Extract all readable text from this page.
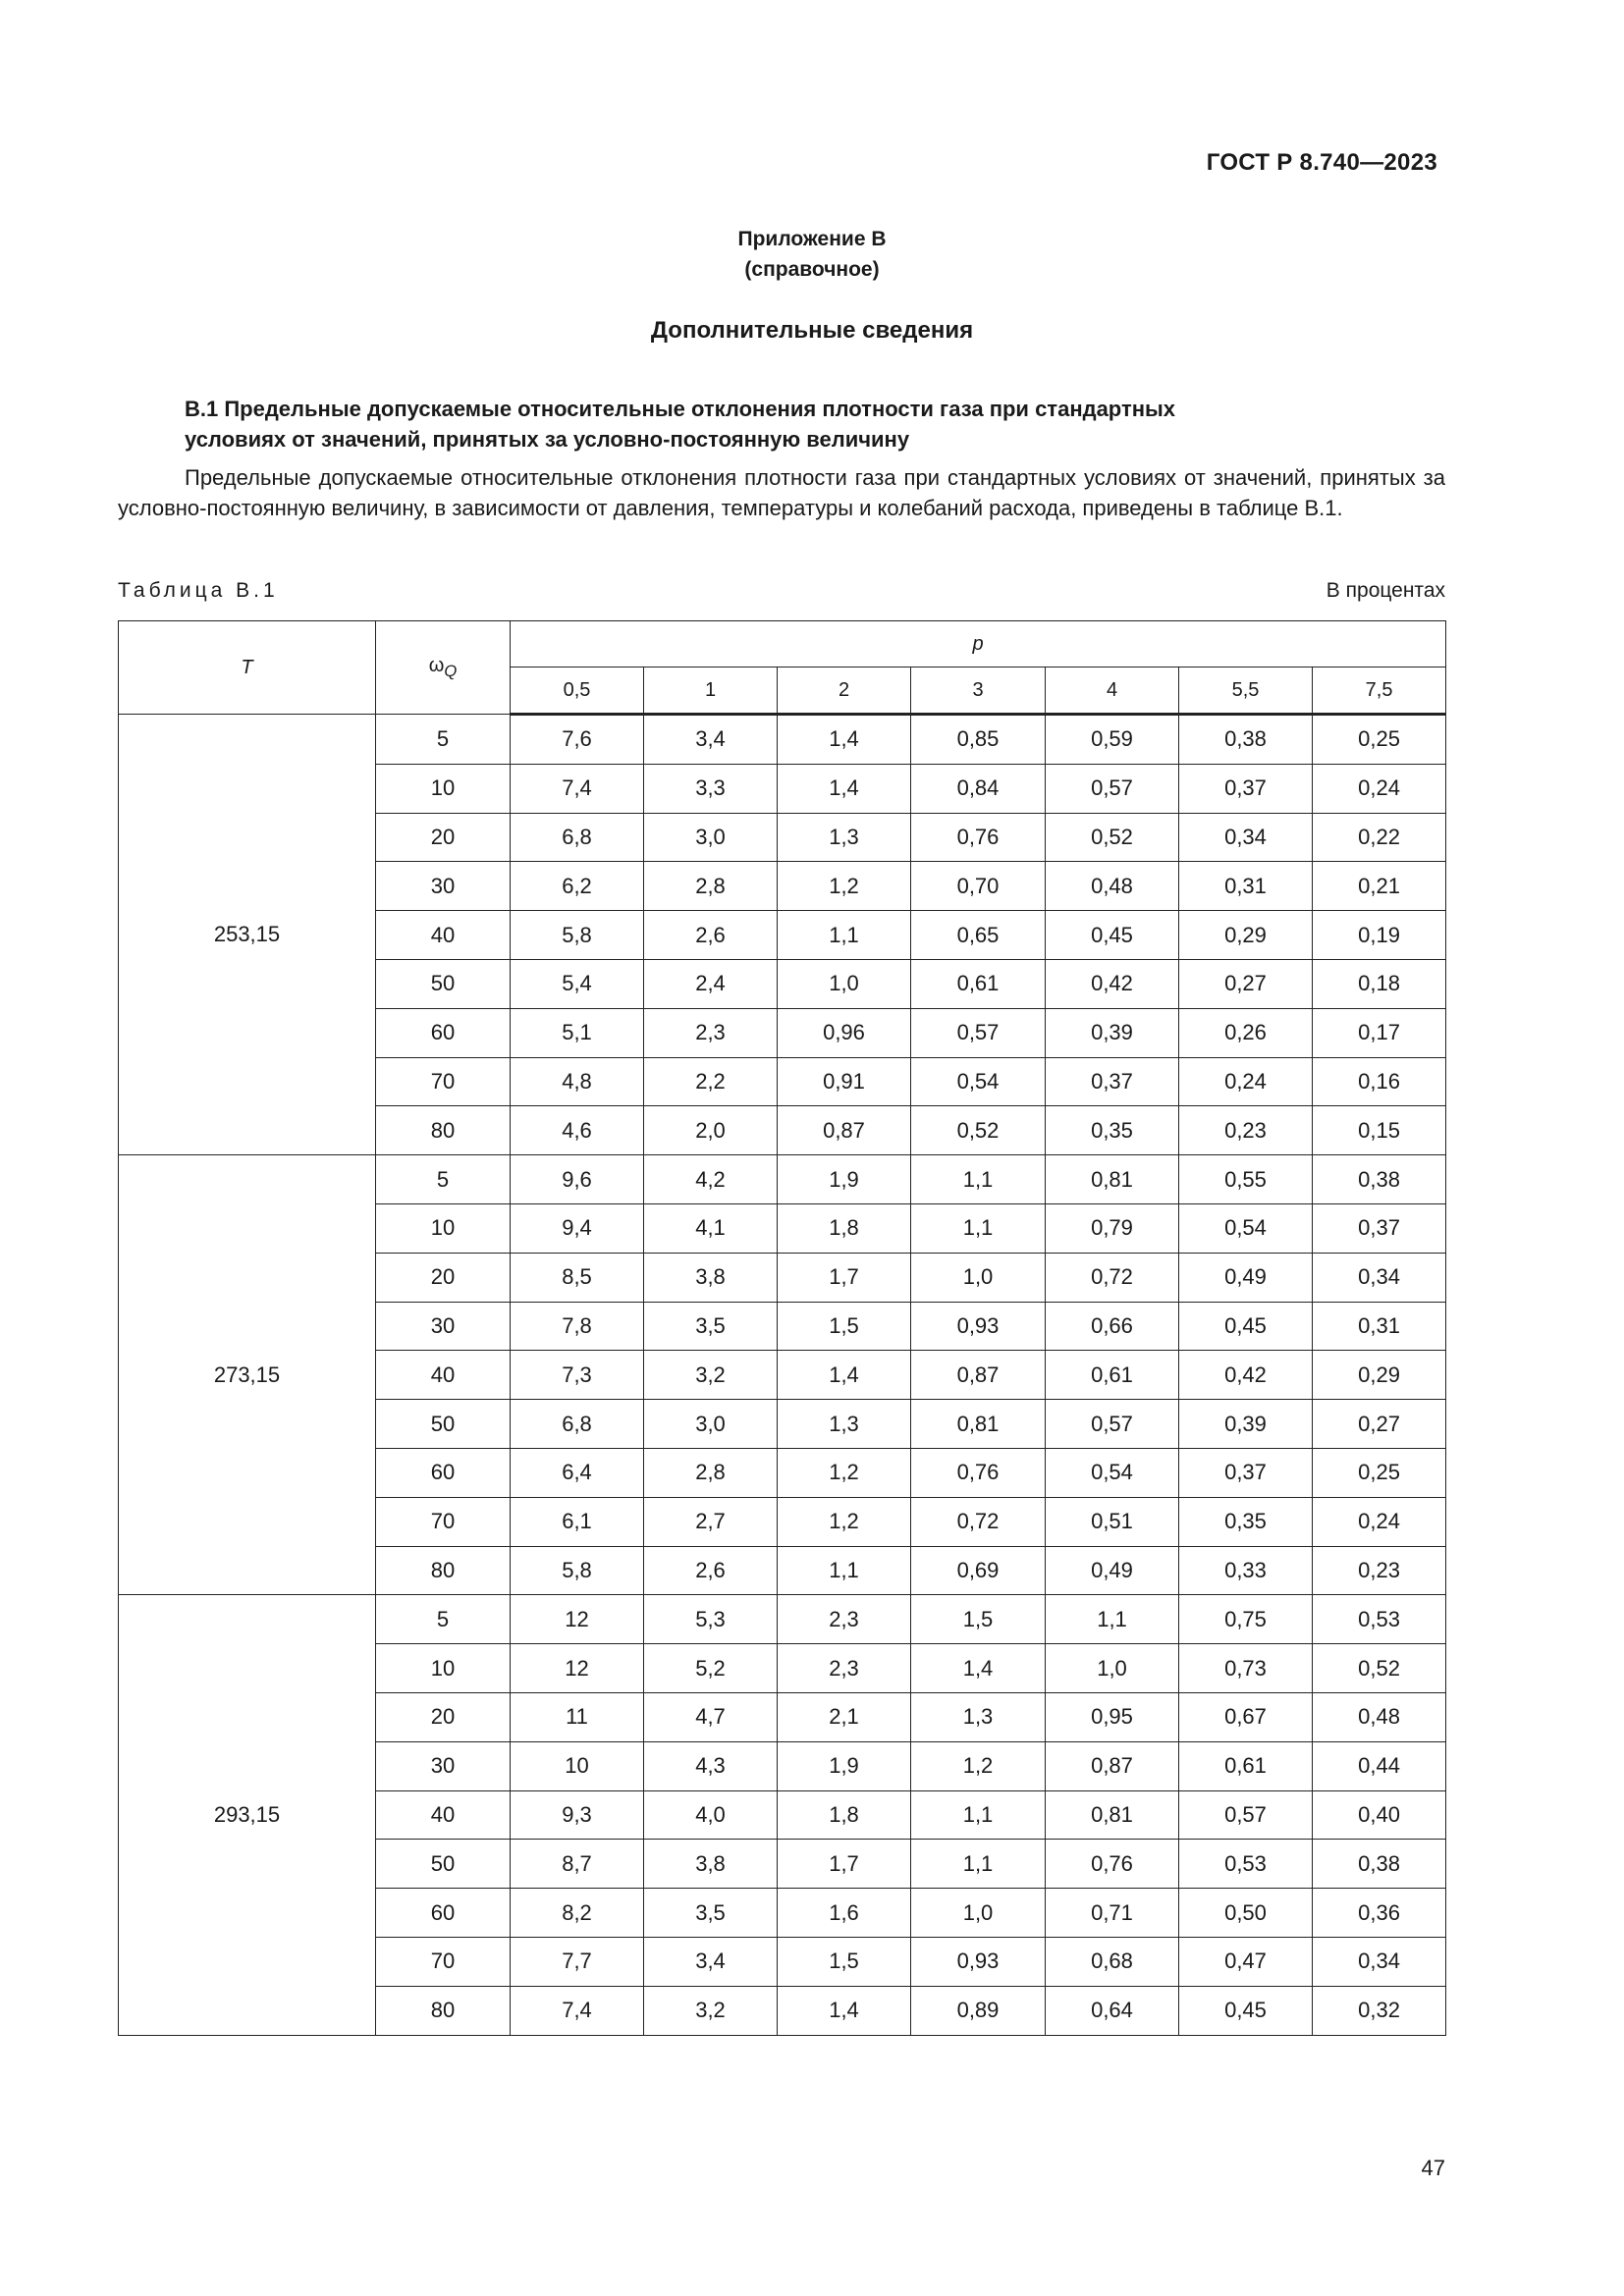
ГОСТ Р 8.740—2023
Приложение В
(справочное)
Дополнительные сведения
В.1 Предельные допускаемые относительные отклонения плотности газа при стандартных
условиях от значений, принятых за условно-постоянную величину
Предельные допускаемые относительные отклонения плотности газа при стандартных условиях от значений, принятых за условно-постоянную величину, в зависимости от давления, температуры и колебаний расхода, приведены в таблице В.1.
Таблица В.1	В процентах
T	$\omega_Q$	p						
		0,5	1	2	3	4	5,5	7,5
253,15	5	7,6	3,4	1,4	0,85	0,59	0,38	0,25
	10	7,4	3,3	1,4	0,84	0,57	0,37	0,24
	20	6,8	3,0	1,3	0,76	0,52	0,34	0,22
	30	6,2	2,8	1,2	0,70	0,48	0,31	0,21
	40	5,8	2,6	1,1	0,65	0,45	0,29	0,19
	50	5,4	2,4	1,0	0,61	0,42	0,27	0,18
	60	5,1	2,3	0,96	0,57	0,39	0,26	0,17
	70	4,8	2,2	0,91	0,54	0,37	0,24	0,16
	80	4,6	2,0	0,87	0,52	0,35	0,23	0,15
273,15	5	9,6	4,2	1,9	1,1	0,81	0,55	0,38
	10	9,4	4,1	1,8	1,1	0,79	0,54	0,37
	20	8,5	3,8	1,7	1,0	0,72	0,49	0,34
	30	7,8	3,5	1,5	0,93	0,66	0,45	0,31
	40	7,3	3,2	1,4	0,87	0,61	0,42	0,29
	50	6,8	3,0	1,3	0,81	0,57	0,39	0,27
	60	6,4	2,8	1,2	0,76	0,54	0,37	0,25
	70	6,1	2,7	1,2	0,72	0,51	0,35	0,24
	80	5,8	2,6	1,1	0,69	0,49	0,33	0,23
293,15	5	12	5,3	2,3	1,5	1,1	0,75	0,53
	10	12	5,2	2,3	1,4	1,0	0,73	0,52
	20	11	4,7	2,1	1,3	0,95	0,67	0,48
	30	10	4,3	1,9	1,2	0,87	0,61	0,44
	40	9,3	4,0	1,8	1,1	0,81	0,57	0,40
	50	8,7	3,8	1,7	1,1	0,76	0,53	0,38
	60	8,2	3,5	1,6	1,0	0,71	0,50	0,36
	70	7,7	3,4	1,5	0,93	0,68	0,47	0,34
	80	7,4	3,2	1,4	0,89	0,64	0,45	0,32
47
